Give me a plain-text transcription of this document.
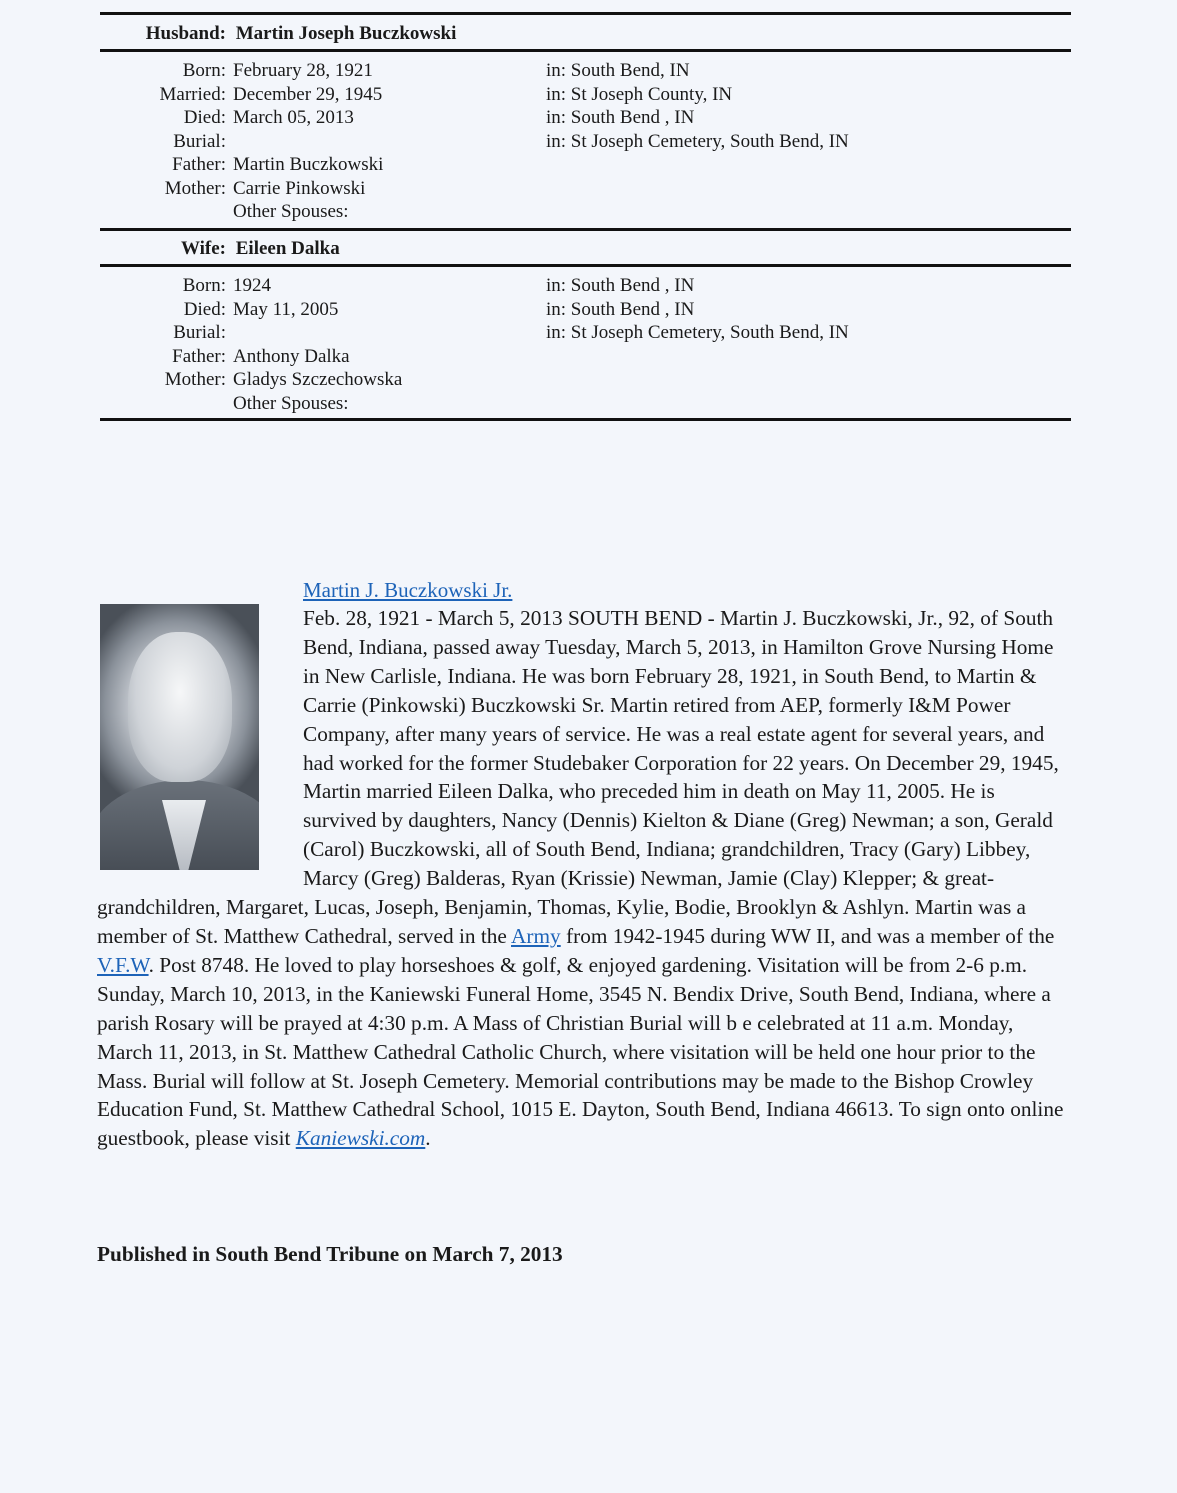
Husband: Martin Joseph Buczkowski
Born: February 28, 1921	in: South Bend, IN
Married: December 29, 1945	in: St Joseph County, IN
Died: March 05, 2013	in: South Bend , IN
Burial:	in: St Joseph Cemetery, South Bend, IN
Father: Martin Buczkowski
Mother: Carrie Pinkowski
Other Spouses:
Wife: Eileen Dalka
Born: 1924	in: South Bend , IN
Died: May 11, 2005	in: South Bend , IN
Burial:	in: St Joseph Cemetery, South Bend, IN
Father: Anthony Dalka
Mother: Gladys Szczechowska
Other Spouses:
Martin J. Buczkowski Jr.
Feb. 28, 1921 - March 5, 2013 SOUTH BEND - Martin J. Buczkowski, Jr., 92, of South Bend, Indiana, passed away Tuesday, March 5, 2013, in Hamilton Grove Nursing Home in New Carlisle, Indiana. He was born February 28, 1921, in South Bend, to Martin & Carrie (Pinkowski) Buczkowski Sr. Martin retired from AEP, formerly I&M Power Company, after many years of service. He was a real estate agent for several years, and had worked for the former Studebaker Corporation for 22 years. On December 29, 1945, Martin married Eileen Dalka, who preceded him in death on May 11, 2005. He is survived by daughters, Nancy (Dennis) Kielton & Diane (Greg) Newman; a son, Gerald (Carol) Buczkowski, all of South Bend, Indiana; grandchildren, Tracy (Gary) Libbey, Marcy (Greg) Balderas, Ryan (Krissie) Newman, Jamie (Clay) Klepper; & great-grandchildren, Margaret, Lucas, Joseph, Benjamin, Thomas, Kylie, Bodie, Brooklyn & Ashlyn. Martin was a member of St. Matthew Cathedral, served in the Army from 1942-1945 during WW II, and was a member of the V.F.W. Post 8748. He loved to play horseshoes & golf, & enjoyed gardening. Visitation will be from 2-6 p.m. Sunday, March 10, 2013, in the Kaniewski Funeral Home, 3545 N. Bendix Drive, South Bend, Indiana, where a parish Rosary will be prayed at 4:30 p.m. A Mass of Christian Burial will b e celebrated at 11 a.m. Monday, March 11, 2013, in St. Matthew Cathedral Catholic Church, where visitation will be held one hour prior to the Mass. Burial will follow at St. Joseph Cemetery. Memorial contributions may be made to the Bishop Crowley Education Fund, St. Matthew Cathedral School, 1015 E. Dayton, South Bend, Indiana 46613. To sign onto online guestbook, please visit Kaniewski.com.
Published in South Bend Tribune on March 7, 2013
